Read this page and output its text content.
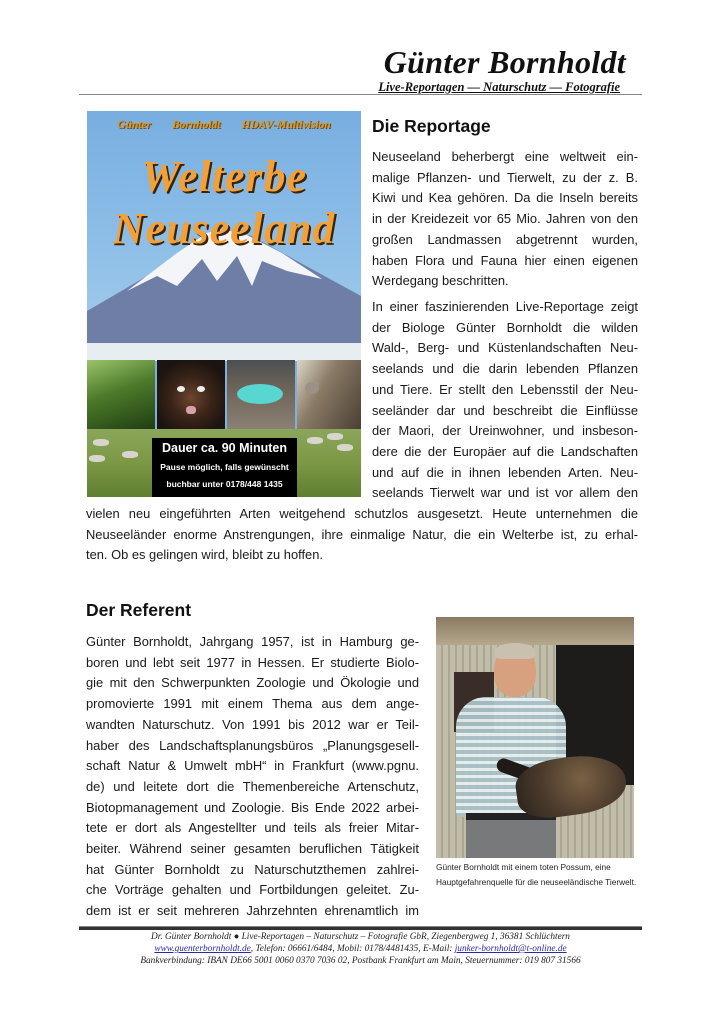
Günter Bornholdt
Live-Reportagen — Naturschutz — Fotografie
Günter Bornholdt HDAV-Multivision
Welterbe
Neuseeland
Dauer ca. 90 Minuten
Pause möglich, falls gewünscht
buchbar unter 0178/448 1435
Die Reportage
Neuseeland beherbergt eine weltweit ein-
malige Pflanzen- und Tierwelt, zu der z. B.
Kiwi und Kea gehören. Da die Inseln bereits
in der Kreidezeit vor 65 Mio. Jahren von den
großen Landmassen abgetrennt wurden,
haben Flora und Fauna hier einen eigenen
Werdegang beschritten.
In einer faszinierenden Live-Reportage zeigt
der Biologe Günter Bornholdt die wilden
Wald-, Berg- und Küstenlandschaften Neu-
seelands und die darin lebenden Pflanzen
und Tiere. Er stellt den Lebensstil der Neu-
seeländer dar und beschreibt die Einflüsse
der Maori, der Ureinwohner, und insbeson-
dere die der Europäer auf die Landschaften
und auf die in ihnen lebenden Arten. Neu-
seelands Tierwelt war und ist vor allem den
vielen neu eingeführten Arten weitgehend schutzlos ausgesetzt. Heute unternehmen die
Neuseeländer enorme Anstrengungen, ihre einmalige Natur, die ein Welterbe ist, zu erhal-
ten. Ob es gelingen wird, bleibt zu hoffen.
Der Referent
Günter Bornholdt, Jahrgang 1957, ist in Hamburg ge-
boren und lebt seit 1977 in Hessen. Er studierte Biolo-
gie mit den Schwerpunkten Zoologie und Ökologie und
promovierte 1991 mit einem Thema aus dem ange-
wandten Naturschutz. Von 1991 bis 2012 war er Teil-
haber des Landschaftsplanungsbüros „Planungsgesell-
schaft Natur & Umwelt mbH“ in Frankfurt (www.pgnu.
de) und leitete dort die Themenbereiche Artenschutz,
Biotopmanagement und Zoologie. Bis Ende 2022 arbei-
tete er dort als Angestellter und teils als freier Mitar-
beiter. Während seiner gesamten beruflichen Tätigkeit
hat Günter Bornholdt zu Naturschutzthemen zahlrei-
che Vorträge gehalten und Fortbildungen geleitet. Zu-
dem ist er seit mehreren Jahrzehnten ehrenamtlich im
Günter Bornholdt mit einem toten Possum, eine Hauptgefahrenquelle für die neuseeländische Tierwelt.
Dr. Günter Bornholdt ● Live-Reportagen – Naturschutz – Fotografie GbR, Ziegenbergweg 1, 36381 Schlüchtern
www.guenterbornholdt.de, Telefon: 06661/6484, Mobil: 0178/4481435, E-Mail: junker-bornholdt@t-online.de
Bankverbindung: IBAN DE66 5001 0060 0370 7036 02, Postbank Frankfurt am Main, Steuernummer: 019 807 31566
